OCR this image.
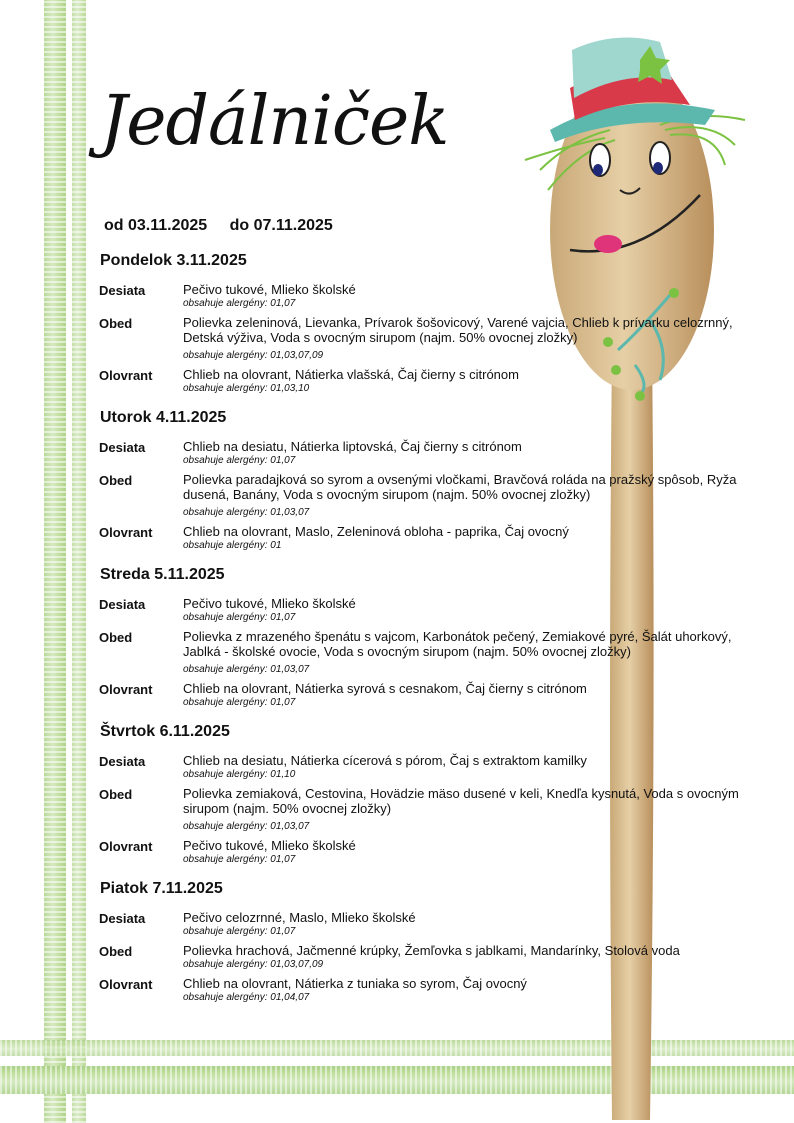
Jedálniček
od 03.11.2025 do 07.11.2025
Pondelok 3.11.2025
Desiata	Pečivo tukové, Mlieko školské
obsahuje alergény: 01,07
Obed	Polievka zeleninová, Lievanka, Prívarok šošovicový, Varené vajcia, Chlieb k prívarku celozrnný, Detská výživa, Voda s ovocným sirupom (najm. 50% ovocnej zložky)
obsahuje alergény: 01,03,07,09
Olovrant	Chlieb na olovrant, Nátierka vlašská, Čaj čierny s citrónom
obsahuje alergény: 01,03,10
Utorok 4.11.2025
Desiata	Chlieb na desiatu, Nátierka liptovská, Čaj čierny s citrónom
obsahuje alergény: 01,07
Obed	Polievka paradajková so syrom a ovsenými vločkami, Bravčová roláda na pražský spôsob, Ryža dusená, Banány, Voda s ovocným sirupom (najm. 50% ovocnej zložky)
obsahuje alergény: 01,03,07
Olovrant	Chlieb na olovrant, Maslo, Zeleninová obloha - paprika, Čaj ovocný
obsahuje alergény: 01
Streda 5.11.2025
Desiata	Pečivo tukové, Mlieko školské
obsahuje alergény: 01,07
Obed	Polievka z mrazeného špenátu s vajcom, Karbonátok pečený, Zemiakové pyré, Šalát uhorkový, Jablká - školské ovocie, Voda s ovocným sirupom (najm. 50% ovocnej zložky)
obsahuje alergény: 01,03,07
Olovrant	Chlieb na olovrant, Nátierka syrová s cesnakom, Čaj čierny s citrónom
obsahuje alergény: 01,07
Štvrtok 6.11.2025
Desiata	Chlieb na desiatu, Nátierka cícerová s pórom, Čaj s extraktom kamilky
obsahuje alergény: 01,10
Obed	Polievka zemiaková, Cestovina, Hovädzie mäso dusené v keli, Knedľa kysnutá, Voda s ovocným sirupom (najm. 50% ovocnej zložky)
obsahuje alergény: 01,03,07
Olovrant	Pečivo tukové, Mlieko školské
obsahuje alergény: 01,07
Piatok 7.11.2025
Desiata	Pečivo celozrnné, Maslo, Mlieko školské
obsahuje alergény: 01,07
Obed	Polievka hrachová, Jačmenné krúpky, Žemľovka s jablkami, Mandarínky, Stolová voda
obsahuje alergény: 01,03,07,09
Olovrant	Chlieb na olovrant, Nátierka z tuniaka so syrom, Čaj ovocný
obsahuje alergény: 01,04,07
